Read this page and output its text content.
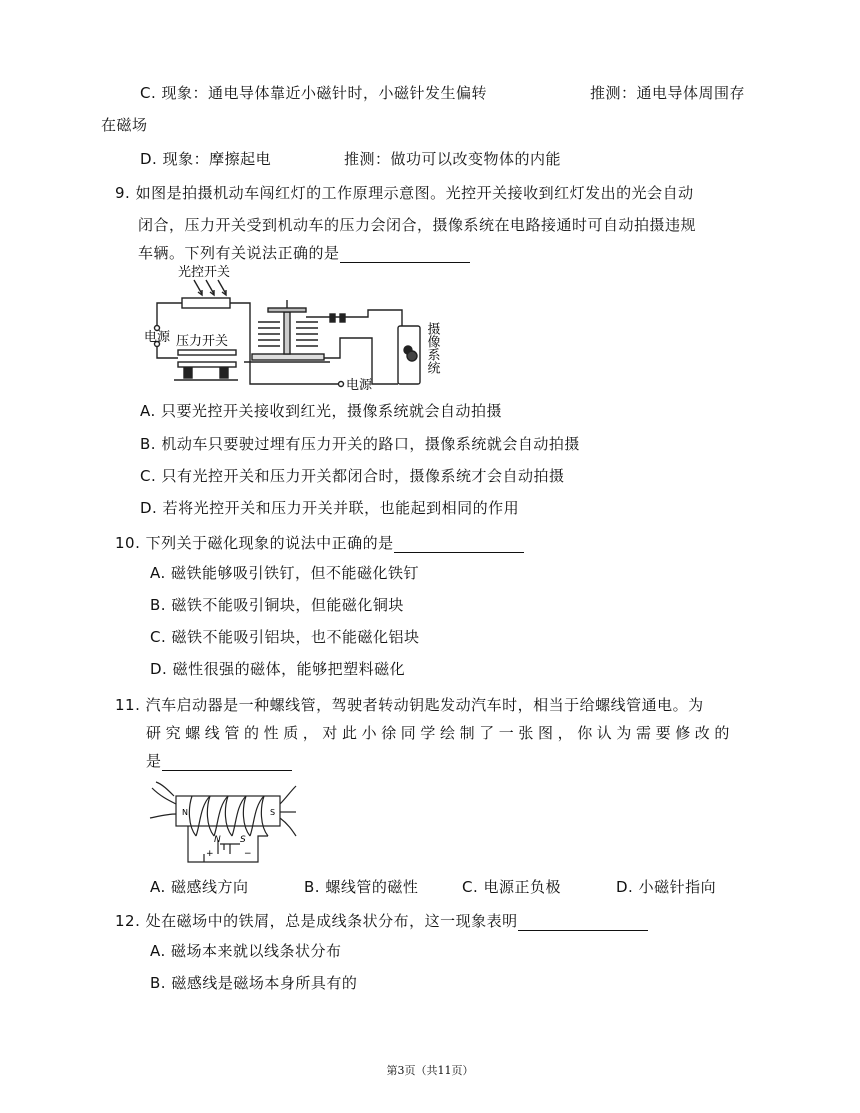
C. 现象：通电导体靠近小磁针时，小磁针发生偏转	推测：通电导体周围存
在磁场
D. 现象：摩擦起电	推测：做功可以改变物体的内能
9. 如图是拍摄机动车闯红灯的工作原理示意图。光控开关接收到红灯发出的光会自动
闭合，压力开关受到机动车的压力会闭合，摄像系统在电路接通时可自动拍摄违规
车辆。下列有关说法正确的是
光控开关
电源 压力开关
电源
摄像系统
A. 只要光控开关接收到红光，摄像系统就会自动拍摄
B. 机动车只要驶过埋有压力开关的路口，摄像系统就会自动拍摄
C. 只有光控开关和压力开关都闭合时，摄像系统才会自动拍摄
D. 若将光控开关和压力开关并联，也能起到相同的作用
10. 下列关于磁化现象的说法中正确的是
A. 磁铁能够吸引铁钉，但不能磁化铁钉
B. 磁铁不能吸引铜块，但能磁化铜块
C. 磁铁不能吸引铝块，也不能磁化铝块
D. 磁性很强的磁体，能够把塑料磁化
11. 汽车启动器是一种螺线管，驾驶者转动钥匙发动汽车时，相当于给螺线管通电。为
研究螺线管的性质，对此小徐同学绘制了一张图，你认为需要修改的
是
N	S
N S
+	−
A. 磁感线方向	B. 螺线管的磁性	C. 电源正负极	D. 小磁针指向
12. 处在磁场中的铁屑，总是成线条状分布，这一现象表明
A. 磁场本来就以线条状分布
B. 磁感线是磁场本身所具有的
第3页（共11页）
